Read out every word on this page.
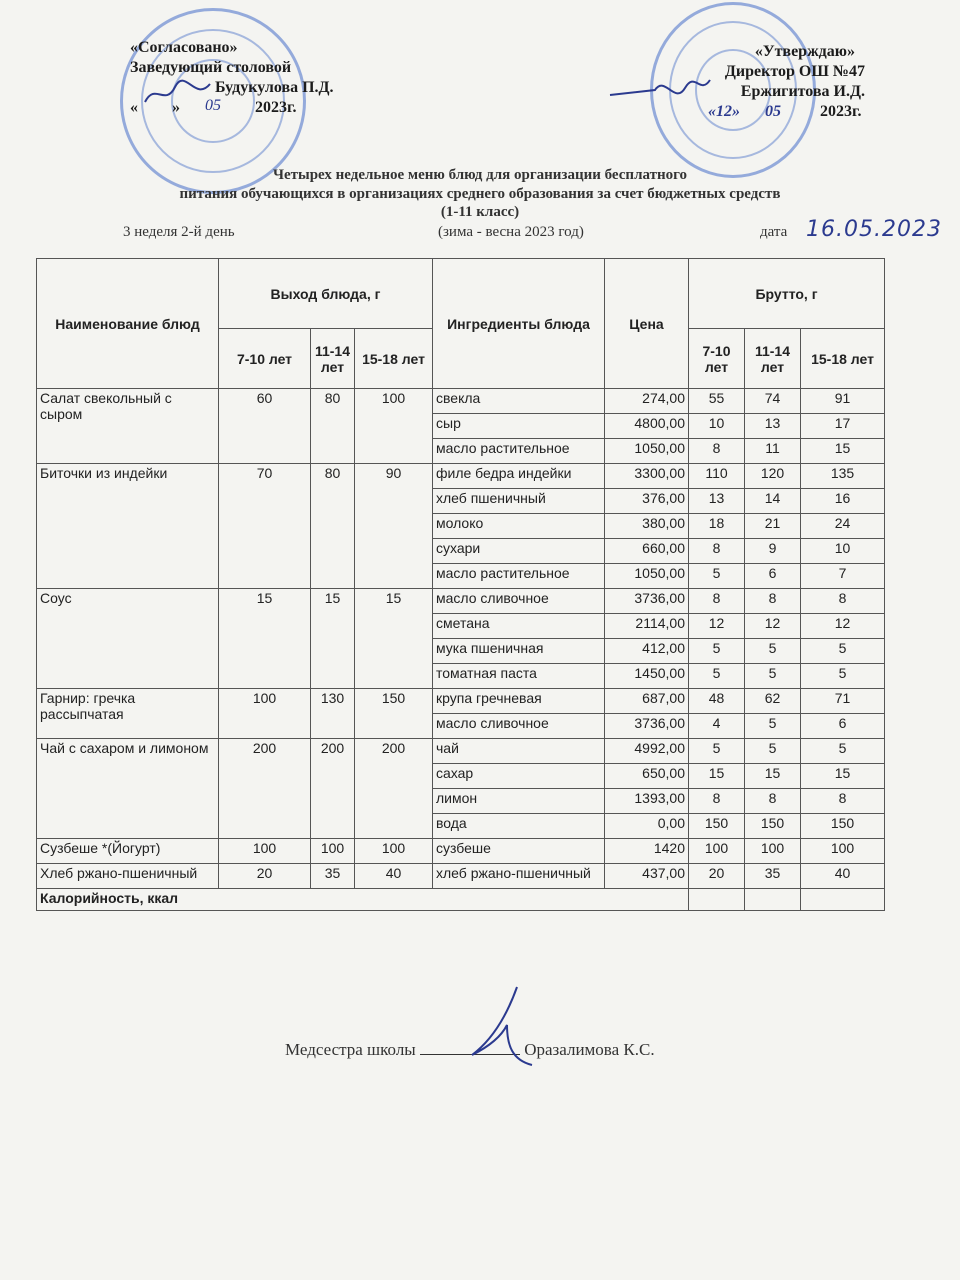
«Согласовано»
Заведующий столовой
Будукулова П.Д.
« » 05 2023г.
«Утверждаю»
Директор ОШ №47
Ержигитова И.Д.
«12» 05 2023г.
Четырех недельное меню блюд для организации бесплатного
питания обучающихся в организациях среднего образования за счет бюджетных средств
(1-11 класс)
3 неделя 2-й день	(зима - весна 2023 год)	дата 16.05.2023
Наименование блюд	Выход блюда, г			Ингредиенты блюда	Цена	Брутто, г		
	7-10 лет	11-14 лет	15-18 лет			7-10 лет	11-14 лет	15-18 лет
Салат свекольный с сыром	60	80	100	свекла	274,00	55	74	91
				сыр	4800,00	10	13	17
				масло растительное	1050,00	8	11	15
Биточки из индейки	70	80	90	филе бедра индейки	3300,00	110	120	135
				хлеб пшеничный	376,00	13	14	16
				молоко	380,00	18	21	24
				сухари	660,00	8	9	10
				масло растительное	1050,00	5	6	7
Соус	15	15	15	масло сливочное	3736,00	8	8	8
				сметана	2114,00	12	12	12
				мука пшеничная	412,00	5	5	5
				томатная паста	1450,00	5	5	5
Гарнир: гречка рассыпчатая	100	130	150	крупа гречневая	687,00	48	62	71
				масло сливочное	3736,00	4	5	6
Чай с сахаром и лимоном	200	200	200	чай	4992,00	5	5	5
				сахар	650,00	15	15	15
				лимон	1393,00	8	8	8
				вода	0,00	150	150	150
Сузбеше *(Йогурт)	100	100	100	сузбеше	1420	100	100	100
Хлеб ржано-пшеничный	20	35	40	хлеб ржано-пшеничный	437,00	20	35	40
Калорийность, ккал								
Медсестра школы	Оразалимова К.С.
